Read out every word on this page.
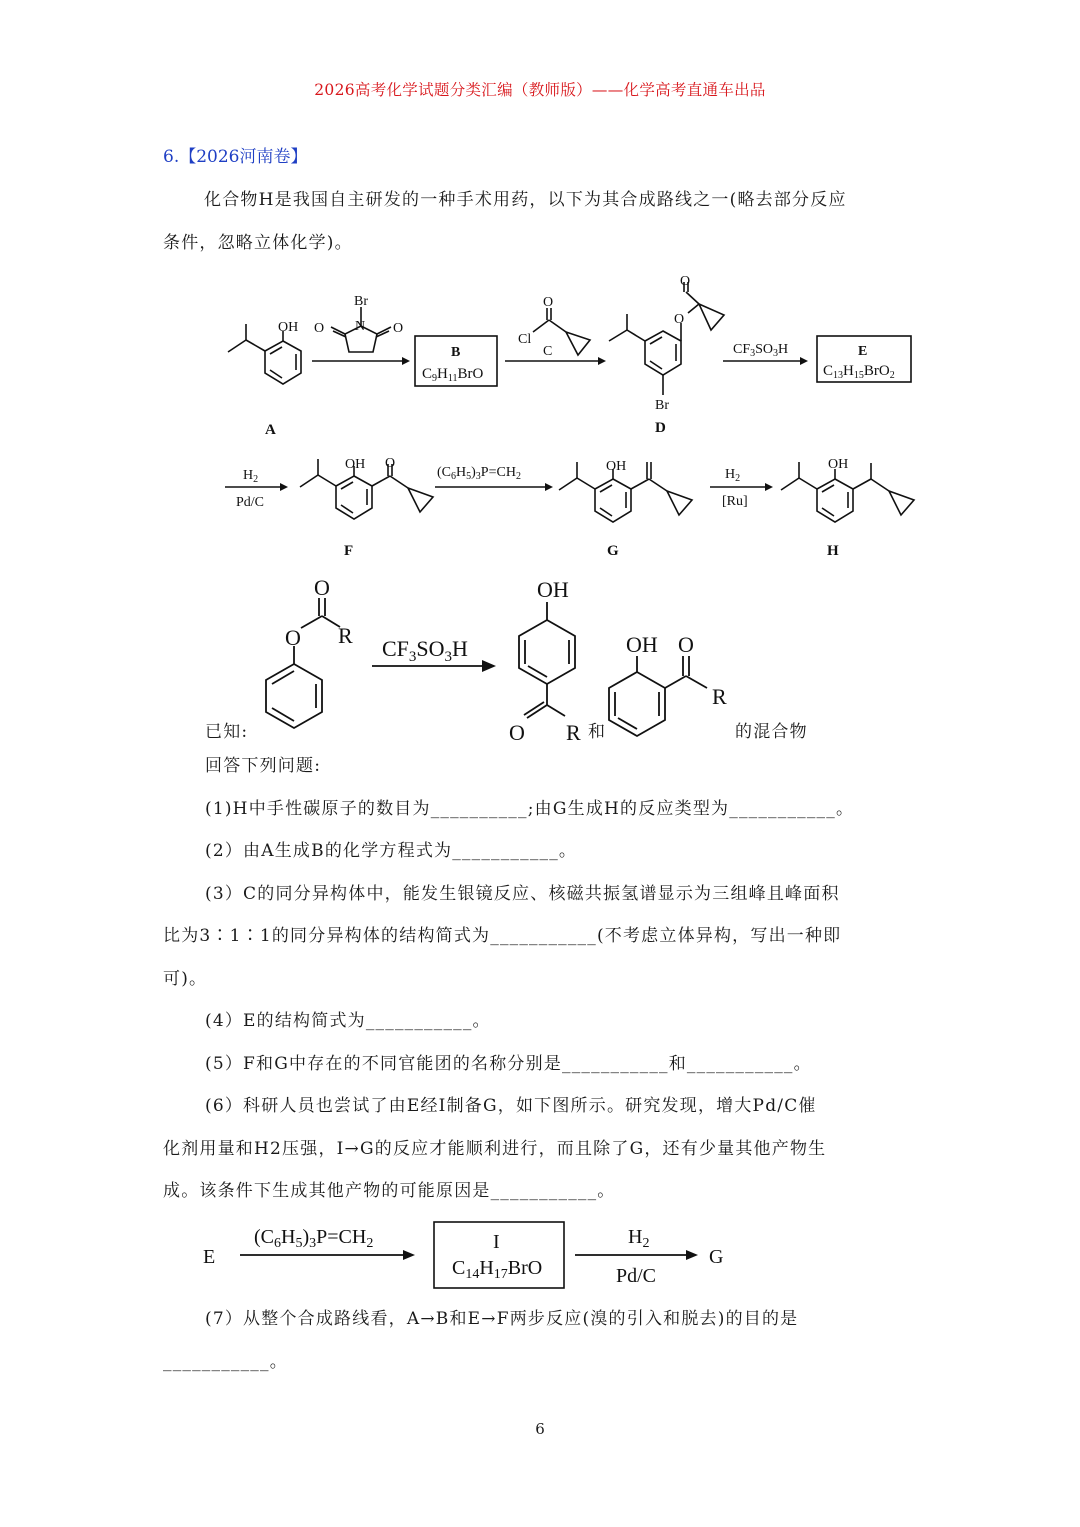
2026高考化学试题分类汇编（教师版）——化学高考直通车出品
6.【2026河南卷】
化合物H是我国自主研发的一种手术用药，以下为其合成路线之一(略去部分反应
条件，忽略立体化学)。
OH
A
Br
N
O	O
B
$C_9H_{11}BrO$
O
Cl
C
O
O
Br
D
$CF_3SO_3H$	E
$C_{13}H_{15}BrO_2$
$H_2$
Pd/C
OH O
F
$(C_6H_5)_3P=CH_2$
OH
G
$H_2$
[Ru]
OH
H
O
O R
$CF_3SO_3H$
OH
O R
OH O
R
已知:	和	的混合物
回答下列问题:
(1)H中手性碳原子的数目为__________;由G生成H的反应类型为___________。
(2）由A生成B的化学方程式为___________。
(3）C的同分异构体中，能发生银镜反应、核磁共振氢谱显示为三组峰且峰面积
比为3∶1∶1的同分异构体的结构简式为___________(不考虑立体异构，写出一种即
可)。
(4）E的结构简式为___________。
(5）F和G中存在的不同官能团的名称分别是___________和___________。
(6）科研人员也尝试了由E经I制备G，如下图所示。研究发现，增大Pd/C催
化剂用量和H2压强，I→G的反应才能顺利进行，而且除了G，还有少量其他产物生
成。该条件下生成其他产物的可能原因是___________。
E
$(C_6H_5)_3P=CH_2$	I
$C_{14}H_{17}BrO$
$H_2$
Pd/C
G
(7）从整个合成路线看，A→B和E→F两步反应(溴的引入和脱去)的目的是
___________。
6
